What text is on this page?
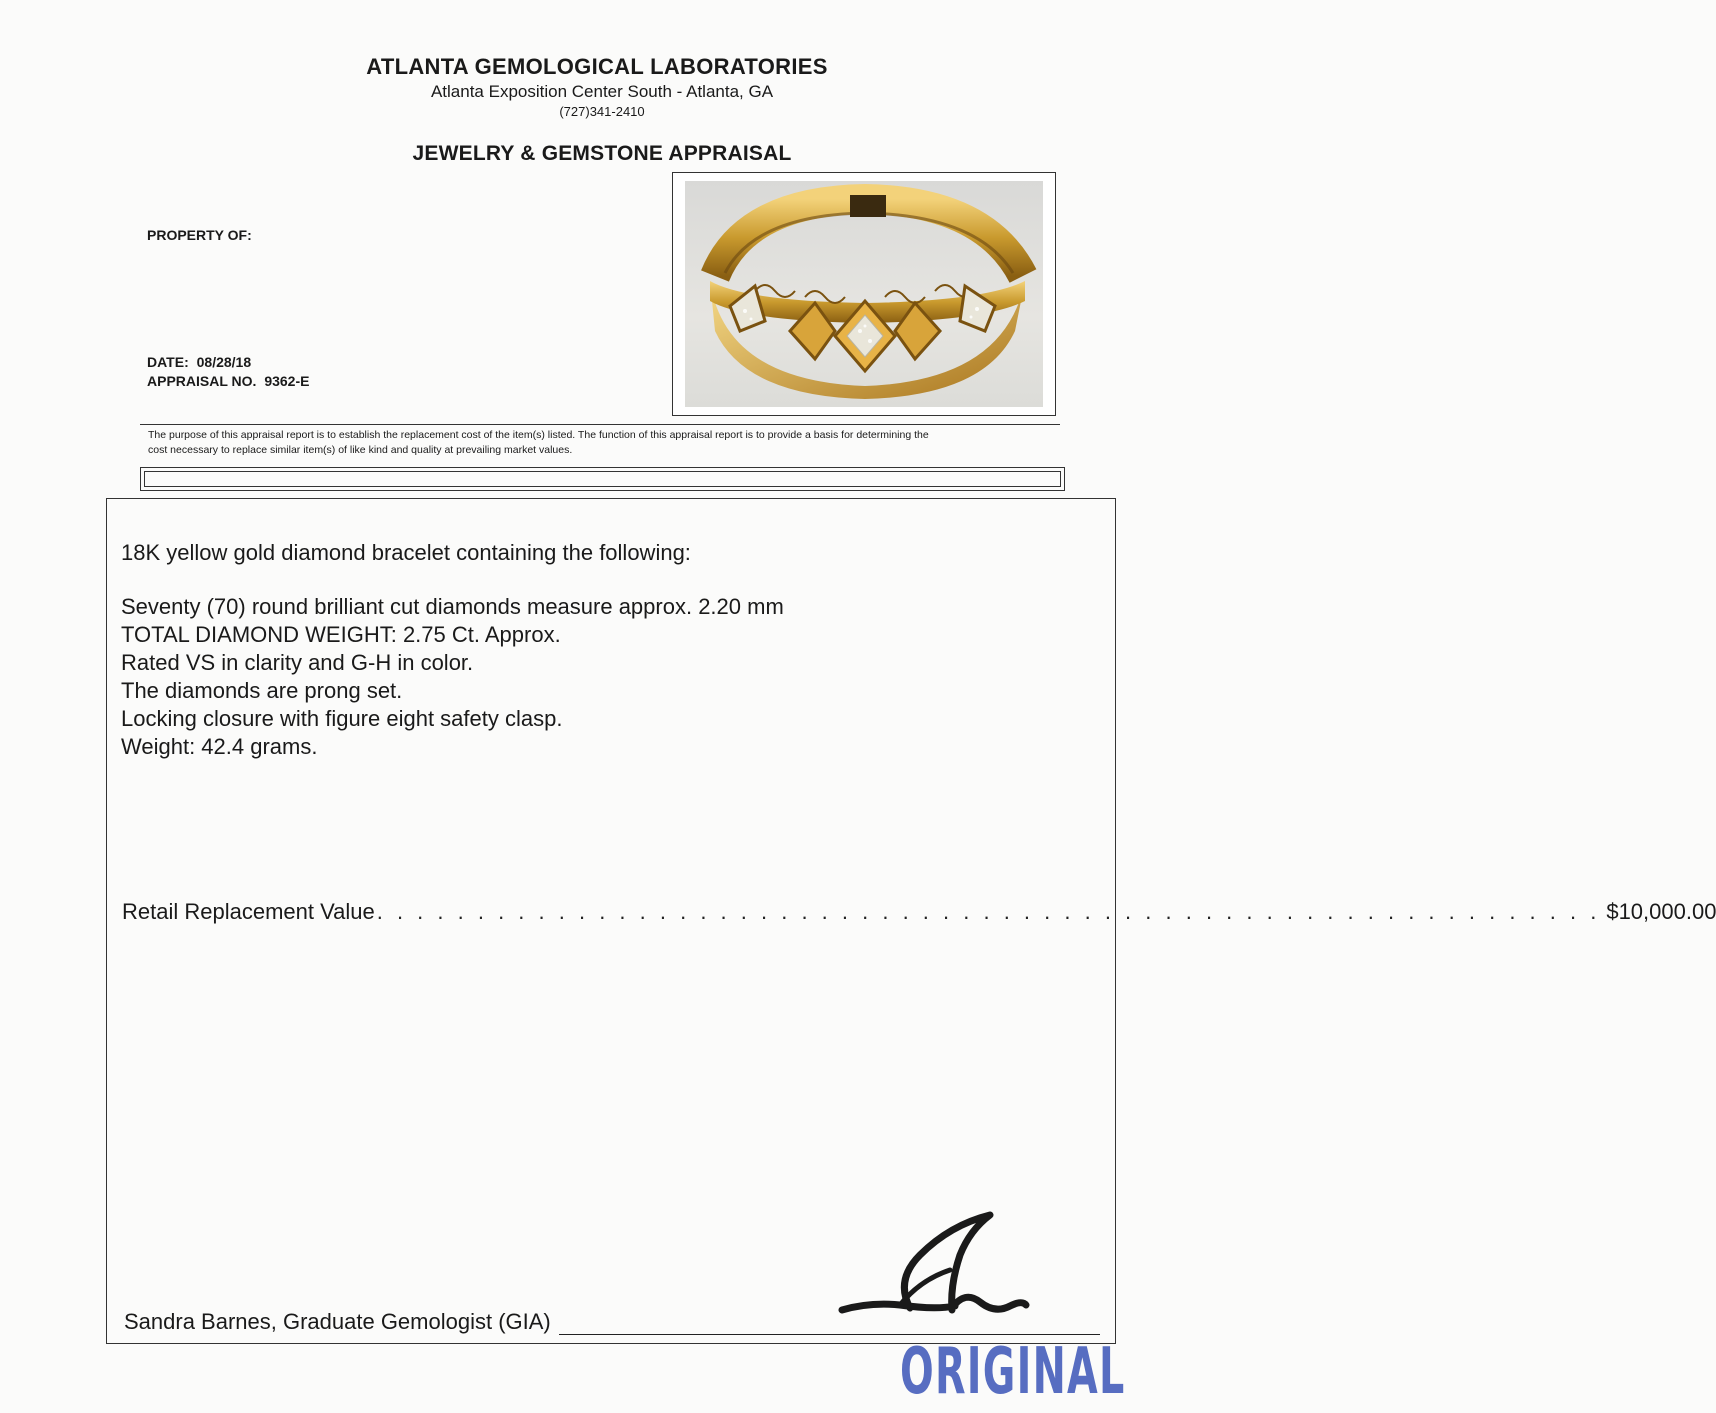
ATLANTA GEMOLOGICAL LABORATORIES
Atlanta Exposition Center South - Atlanta, GA
(727)341-2410
JEWELRY & GEMSTONE APPRAISAL
PROPERTY OF:
DATE: 08/28/18
APPRAISAL NO. 9362-E
The purpose of this appraisal report is to establish the replacement cost of the item(s) listed. The function of this appraisal report is to provide a basis for determining the
cost necessary to replace similar item(s) of like kind and quality at prevailing market values.
18K yellow gold diamond bracelet containing the following:
Seventy (70) round brilliant cut diamonds measure approx. 2.20 mm
TOTAL DIAMOND WEIGHT: 2.75 Ct. Approx.
Rated VS in clarity and G-H in color.
The diamonds are prong set.
Locking closure with figure eight safety clasp.
Weight: 42.4 grams.
Retail Replacement Value . . . . . . . . . . . . . . . . . . . . . . . . . . . . . . . . . . . . . . . . . . . . . . . . . . . . . . . . . . . . . $10,000.00
Sandra Barnes, Graduate Gemologist (GIA)
ORIGINAL
